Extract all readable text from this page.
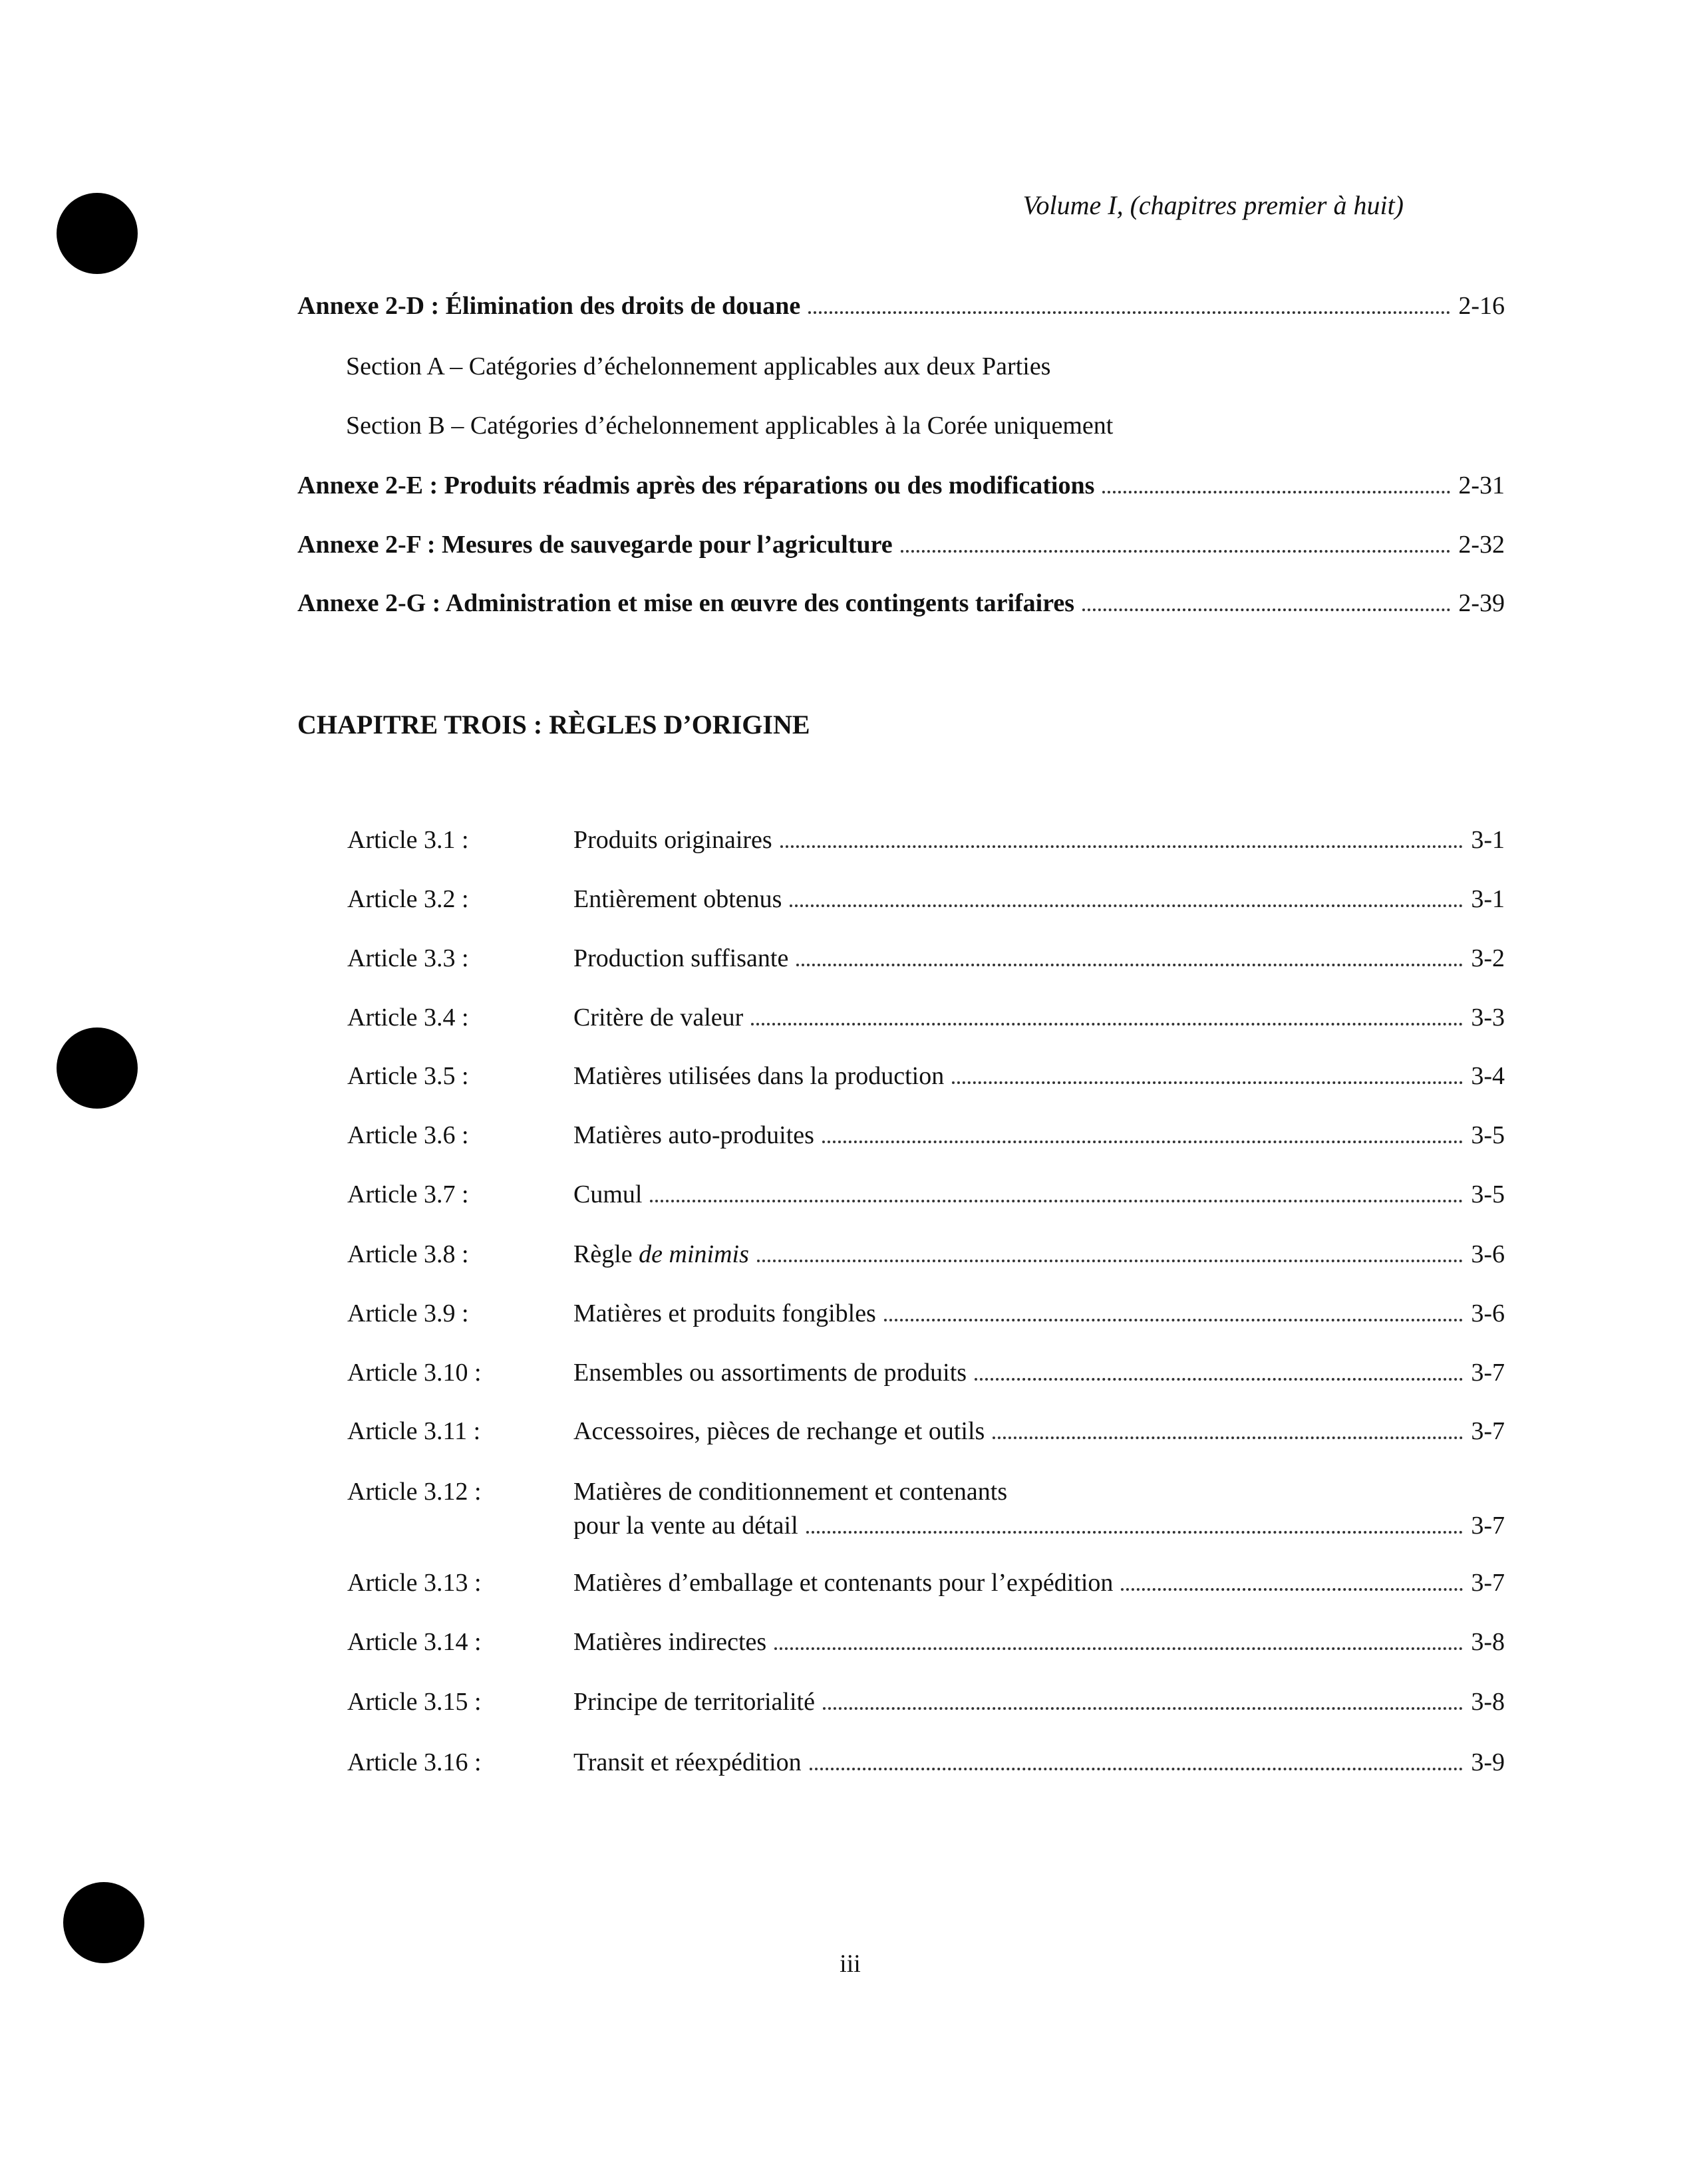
Volume I, (chapitres premier à huit)
Annexe 2-D : Élimination des droits de douane	2-16
Section A – Catégories d’échelonnement applicables aux deux Parties
Section B – Catégories d’échelonnement applicables à la Corée uniquement
Annexe 2-E : Produits réadmis après des réparations ou des modifications	2-31
Annexe 2-F : Mesures de sauvegarde pour l’agriculture	2-32
Annexe 2-G : Administration et mise en œuvre des contingents tarifaires	2-39
CHAPITRE TROIS : RÈGLES D’ORIGINE
Article 3.1 :	Produits originaires	3-1
Article 3.2 :	Entièrement obtenus	3-1
Article 3.3 :	Production suffisante	3-2
Article 3.4 :	Critère de valeur	3-3
Article 3.5 :	Matières utilisées dans la production	3-4
Article 3.6 :	Matières auto-produites	3-5
Article 3.7 :	Cumul	3-5
Article 3.8 :	Règle de minimis	3-6
Article 3.9 :	Matières et produits fongibles	3-6
Article 3.10 :	Ensembles ou assortiments de produits	3-7
Article 3.11 :	Accessoires, pièces de rechange et outils	3-7
Article 3.12 :	Matières de conditionnement et contenants
pour la vente au détail	3-7
Article 3.13 :	Matières d’emballage et contenants pour l’expédition	3-7
Article 3.14 :	Matières indirectes	3-8
Article 3.15 :	Principe de territorialité	3-8
Article 3.16 :	Transit et réexpédition	3-9
iii
